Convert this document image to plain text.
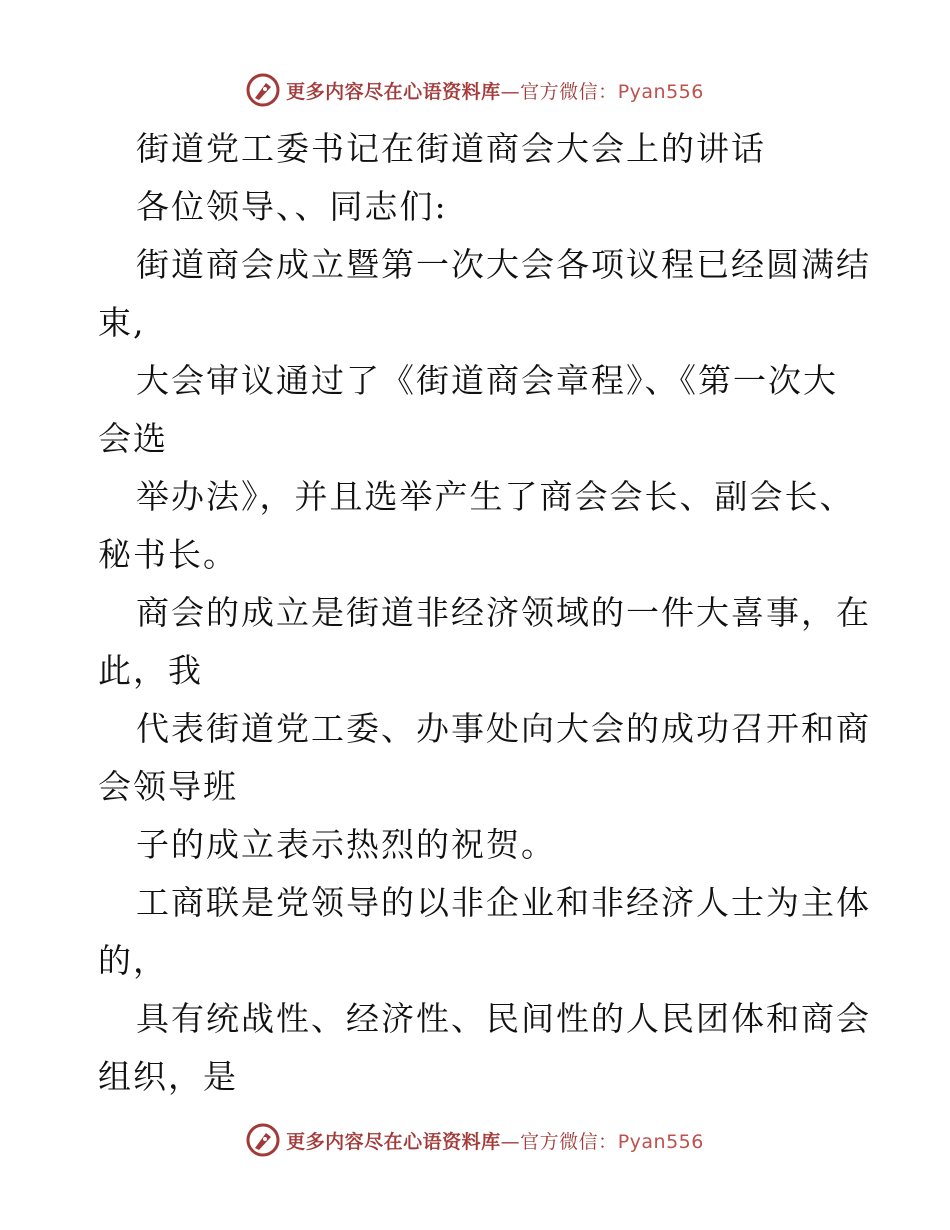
更多内容尽在心语资料库—官方微信：Pyan556
街道党工委书记在街道商会大会上的讲话
各位领导、、同志们:
街道商会成立暨第一次大会各项议程已经圆满结
束,
大会审议通过了《街道商会章程》、《第一次大
会选
举办法》，并且选举产生了商会会长、副会长、
秘书长。
商会的成立是街道非经济领域的一件大喜事，在
此，我
代表街道党工委、办事处向大会的成功召开和商
会领导班
子的成立表示热烈的祝贺。
工商联是党领导的以非企业和非经济人士为主体
的，
具有统战性、经济性、民间性的人民团体和商会
组织，是
更多内容尽在心语资料库—官方微信：Pyan556
